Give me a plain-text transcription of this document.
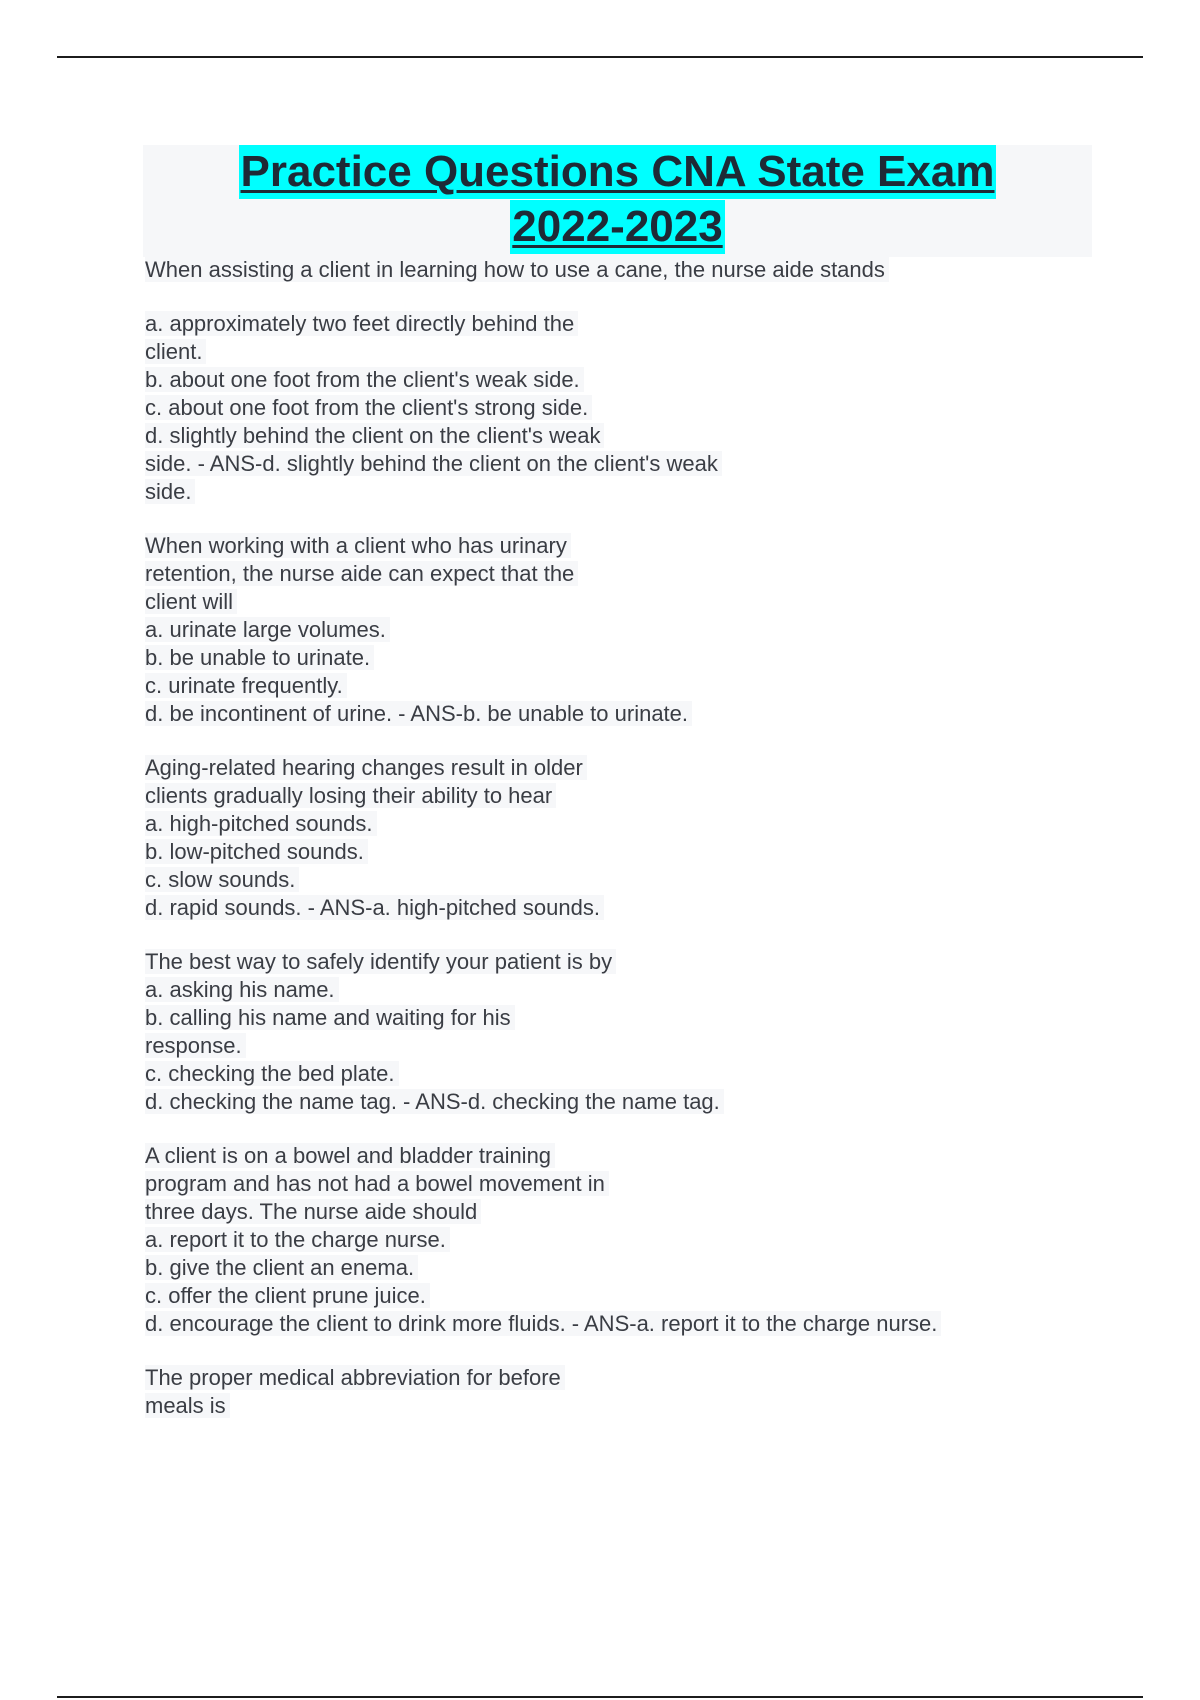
Practice Questions CNA State Exam
2022-2023
When assisting a client in learning how to use a cane, the nurse aide stands
a. approximately two feet directly behind the
client.
b. about one foot from the client's weak side.
c. about one foot from the client's strong side.
d. slightly behind the client on the client's weak
side. - ANS-d. slightly behind the client on the client's weak
side.
When working with a client who has urinary
retention, the nurse aide can expect that the
client will
a. urinate large volumes.
b. be unable to urinate.
c. urinate frequently.
d. be incontinent of urine. - ANS-b. be unable to urinate.
Aging-related hearing changes result in older
clients gradually losing their ability to hear
a. high-pitched sounds.
b. low-pitched sounds.
c. slow sounds.
d. rapid sounds. - ANS-a. high-pitched sounds.
The best way to safely identify your patient is by
a. asking his name.
b. calling his name and waiting for his
response.
c. checking the bed plate.
d. checking the name tag. - ANS-d. checking the name tag.
A client is on a bowel and bladder training
program and has not had a bowel movement in
three days. The nurse aide should
a. report it to the charge nurse.
b. give the client an enema.
c. offer the client prune juice.
d. encourage the client to drink more fluids. - ANS-a. report it to the charge nurse.
The proper medical abbreviation for before
meals is
